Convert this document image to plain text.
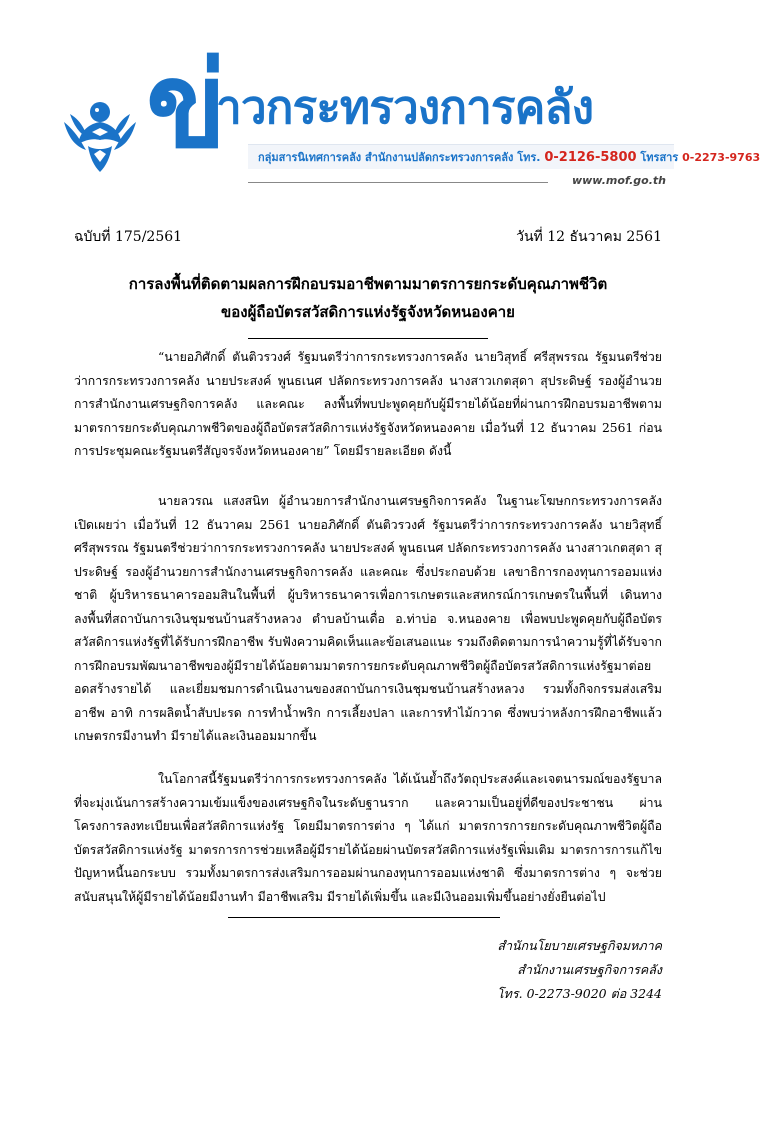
ข่
าวกระทรวงการคลัง
กลุ่มสารนิเทศการคลัง สำนักงานปลัดกระทรวงการคลัง โทร. 0-2126-5800 โทรสาร 0-2273-9763
www.mof.go.th
ฉบับที่ 175/2561	วันที่ 12 ธันวาคม 2561
การลงพื้นที่ติดตามผลการฝึกอบรมอาชีพตามมาตรการยกระดับคุณภาพชีวิต
ของผู้ถือบัตรสวัสดิการแห่งรัฐจังหวัดหนองคาย

“นายอภิศักดิ์ ตันติวรวงศ์ รัฐมนตรีว่าการกระทรวงการคลัง นายวิสุทธิ์ ศรีสุพรรณ รัฐมนตรีช่วยว่าการกระทรวงการคลัง นายประสงค์ พูนธเนศ ปลัดกระทรวงการคลัง นางสาวเกตสุดา สุประดิษฐ์ รองผู้อำนวยการสำนักงานเศรษฐกิจการคลัง และคณะ ลงพื้นที่พบปะพูดคุยกับผู้มีรายได้น้อยที่ผ่านการฝึกอบรมอาชีพตามมาตรการยกระดับคุณภาพชีวิตของผู้ถือบัตรสวัสดิการแห่งรัฐจังหวัดหนองคาย เมื่อวันที่ 12 ธันวาคม 2561 ก่อนการประชุมคณะรัฐมนตรีสัญจรจังหวัดหนองคาย” โดยมีรายละเอียด ดังนี้

นายลวรณ แสงสนิท ผู้อำนวยการสำนักงานเศรษฐกิจการคลัง ในฐานะโฆษกกระทรวงการคลัง เปิดเผยว่า เมื่อวันที่ 12 ธันวาคม 2561 นายอภิศักดิ์ ตันติวรวงศ์ รัฐมนตรีว่าการกระทรวงการคลัง นายวิสุทธิ์ ศรีสุพรรณ รัฐมนตรีช่วยว่าการกระทรวงการคลัง นายประสงค์ พูนธเนศ ปลัดกระทรวงการคลัง นางสาวเกตสุดา สุประดิษฐ์ รองผู้อำนวยการสำนักงานเศรษฐกิจการคลัง และคณะ ซึ่งประกอบด้วย เลขาธิการกองทุนการออมแห่งชาติ ผู้บริหารธนาคารออมสินในพื้นที่ ผู้บริหารธนาคารเพื่อการเกษตรและสหกรณ์การเกษตรในพื้นที่ เดินทางลงพื้นที่สถาบันการเงินชุมชนบ้านสร้างหลวง ตำบลบ้านเดื่อ อ.ท่าบ่อ จ.หนองคาย เพื่อพบปะพูดคุยกับผู้ถือบัตรสวัสดิการแห่งรัฐที่ได้รับการฝึกอาชีพ รับฟังความคิดเห็นและข้อเสนอแนะ รวมถึงติดตามการนำความรู้ที่ได้รับจากการฝึกอบรมพัฒนาอาชีพของผู้มีรายได้น้อยตามมาตรการยกระดับคุณภาพชีวิตผู้ถือบัตรสวัสดิการแห่งรัฐมาต่อยอดสร้างรายได้ และเยี่ยมชมการดำเนินงานของสถาบันการเงินชุมชนบ้านสร้างหลวง รวมทั้งกิจกรรมส่งเสริมอาชีพ อาทิ การผลิตน้ำสับปะรด การทำน้ำพริก การเลี้ยงปลา และการทำไม้กวาด ซึ่งพบว่าหลังการฝึกอาชีพแล้วเกษตรกรมีงานทำ มีรายได้และเงินออมมากขึ้น

ในโอกาสนี้รัฐมนตรีว่าการกระทรวงการคลัง ได้เน้นย้ำถึงวัตถุประสงค์และเจตนารมณ์ของรัฐบาลที่จะมุ่งเน้นการสร้างความเข้มแข็งของเศรษฐกิจในระดับฐานราก และความเป็นอยู่ที่ดีของประชาชน ผ่านโครงการลงทะเบียนเพื่อสวัสดิการแห่งรัฐ โดยมีมาตรการต่าง ๆ ได้แก่ มาตรการการยกระดับคุณภาพชีวิตผู้ถือบัตรสวัสดิการแห่งรัฐ มาตรการการช่วยเหลือผู้มีรายได้น้อยผ่านบัตรสวัสดิการแห่งรัฐเพิ่มเติม มาตรการการแก้ไขปัญหาหนี้นอกระบบ รวมทั้งมาตรการส่งเสริมการออมผ่านกองทุนการออมแห่งชาติ ซึ่งมาตรการต่าง ๆ จะช่วยสนับสนุนให้ผู้มีรายได้น้อยมีงานทำ มีอาชีพเสริม มีรายได้เพิ่มขึ้น และมีเงินออมเพิ่มขึ้นอย่างยั่งยืนต่อไป

สำนักนโยบายเศรษฐกิจมหภาค
สำนักงานเศรษฐกิจการคลัง
โทร. 0-2273-9020 ต่อ 3244
